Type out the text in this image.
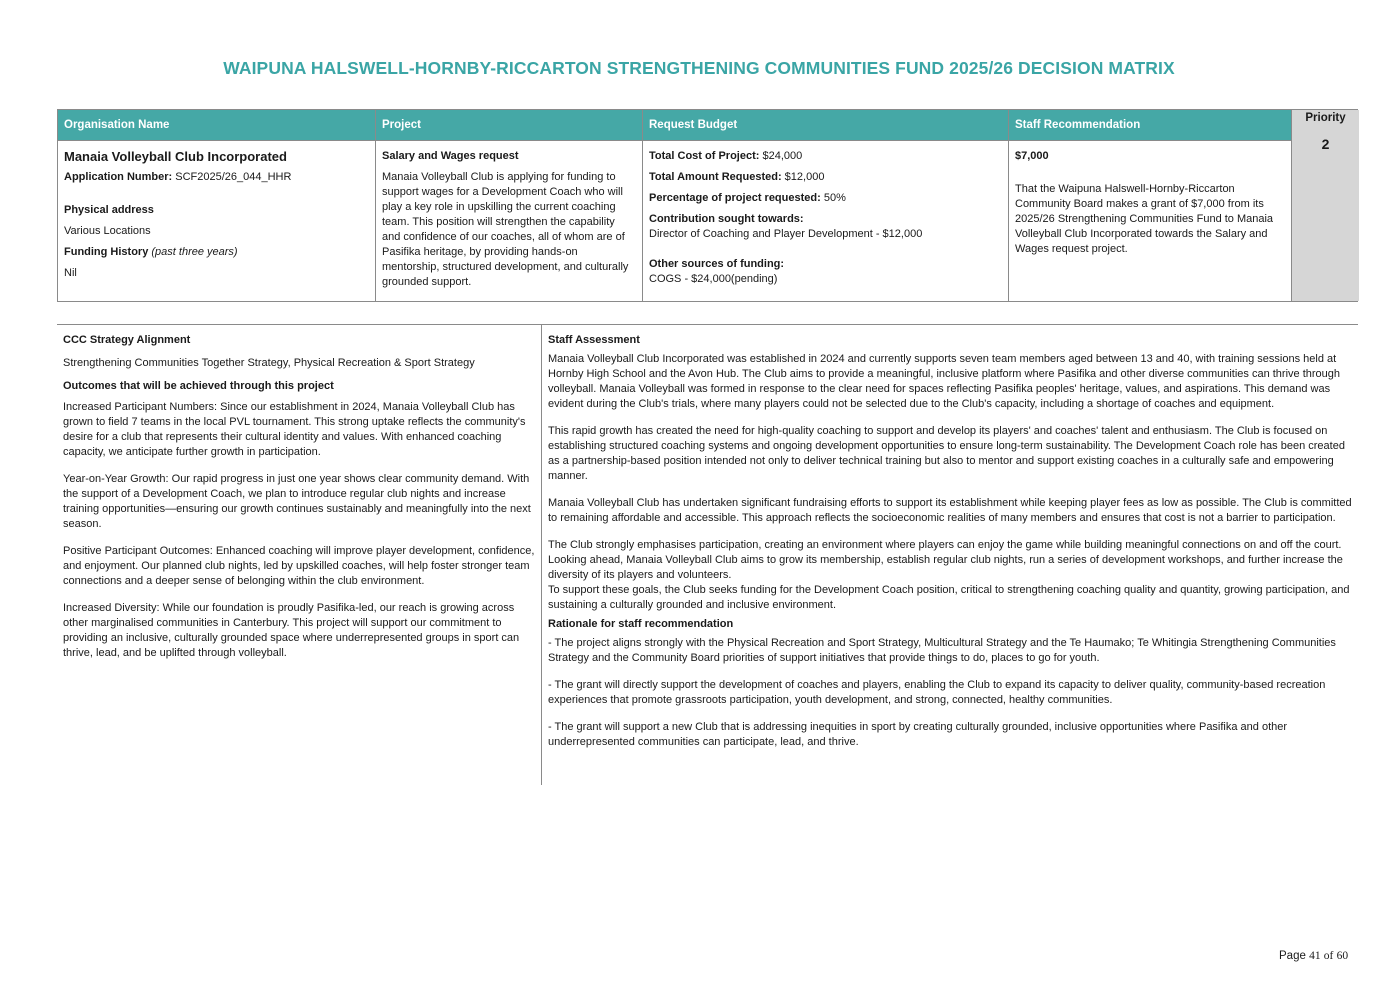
WAIPUNA HALSWELL-HORNBY-RICCARTON STRENGTHENING COMMUNITIES FUND 2025/26 DECISION MATRIX
Organisation Name
Manaia Volleyball Club Incorporated
Application Number: SCF2025/26_044_HHR
Physical address
Various Locations
Funding History (past three years)
Nil
Project
Salary and Wages request
Manaia Volleyball Club is applying for funding to support wages for a Development Coach who will play a key role in upskilling the current coaching team. This position will strengthen the capability and confidence of our coaches, all of whom are of Pasifika heritage, by providing hands-on mentorship, structured development, and culturally grounded support.
Request Budget
Total Cost of Project: $24,000
Total Amount Requested: $12,000
Percentage of project requested: 50%
Contribution sought towards:
Director of Coaching and Player Development - $12,000
Other sources of funding:
COGS - $24,000(pending)
Staff Recommendation
$7,000
That the Waipuna Halswell-Hornby-Riccarton Community Board makes a grant of $7,000 from its 2025/26 Strengthening Communities Fund to Manaia Volleyball Club Incorporated towards the Salary and Wages request project.
Priority
2
CCC Strategy Alignment
Strengthening Communities Together Strategy, Physical Recreation & Sport Strategy
Outcomes that will be achieved through this project
Increased Participant Numbers: Since our establishment in 2024, Manaia Volleyball Club has grown to field 7 teams in the local PVL tournament. This strong uptake reflects the community's desire for a club that represents their cultural identity and values. With enhanced coaching capacity, we anticipate further growth in participation.
Year-on-Year Growth: Our rapid progress in just one year shows clear community demand. With the support of a Development Coach, we plan to introduce regular club nights and increase training opportunities—ensuring our growth continues sustainably and meaningfully into the next season.
Positive Participant Outcomes: Enhanced coaching will improve player development, confidence, and enjoyment. Our planned club nights, led by upskilled coaches, will help foster stronger team connections and a deeper sense of belonging within the club environment.
Increased Diversity: While our foundation is proudly Pasifika-led, our reach is growing across other marginalised communities in Canterbury. This project will support our commitment to providing an inclusive, culturally grounded space where underrepresented groups in sport can thrive, lead, and be uplifted through volleyball.
Staff Assessment
Manaia Volleyball Club Incorporated was established in 2024 and currently supports seven team members aged between 13 and 40, with training sessions held at Hornby High School and the Avon Hub. The Club aims to provide a meaningful, inclusive platform where Pasifika and other diverse communities can thrive through volleyball. Manaia Volleyball was formed in response to the clear need for spaces reflecting Pasifika peoples' heritage, values, and aspirations. This demand was evident during the Club's trials, where many players could not be selected due to the Club's capacity, including a shortage of coaches and equipment.
This rapid growth has created the need for high-quality coaching to support and develop its players' and coaches' talent and enthusiasm. The Club is focused on establishing structured coaching systems and ongoing development opportunities to ensure long-term sustainability. The Development Coach role has been created as a partnership-based position intended not only to deliver technical training but also to mentor and support existing coaches in a culturally safe and empowering manner.
Manaia Volleyball Club has undertaken significant fundraising efforts to support its establishment while keeping player fees as low as possible. The Club is committed to remaining affordable and accessible. This approach reflects the socioeconomic realities of many members and ensures that cost is not a barrier to participation.
The Club strongly emphasises participation, creating an environment where players can enjoy the game while building meaningful connections on and off the court. Looking ahead, Manaia Volleyball Club aims to grow its membership, establish regular club nights, run a series of development workshops, and further increase the diversity of its players and volunteers.
To support these goals, the Club seeks funding for the Development Coach position, critical to strengthening coaching quality and quantity, growing participation, and sustaining a culturally grounded and inclusive environment.
Rationale for staff recommendation
- The project aligns strongly with the Physical Recreation and Sport Strategy, Multicultural Strategy and the Te Haumako; Te Whitingia Strengthening Communities Strategy and the Community Board priorities of support initiatives that provide things to do, places to go for youth.
- The grant will directly support the development of coaches and players, enabling the Club to expand its capacity to deliver quality, community-based recreation experiences that promote grassroots participation, youth development, and strong, connected, healthy communities.
- The grant will support a new Club that is addressing inequities in sport by creating culturally grounded, inclusive opportunities where Pasifika and other underrepresented communities can participate, lead, and thrive.
Page 41 of 60
